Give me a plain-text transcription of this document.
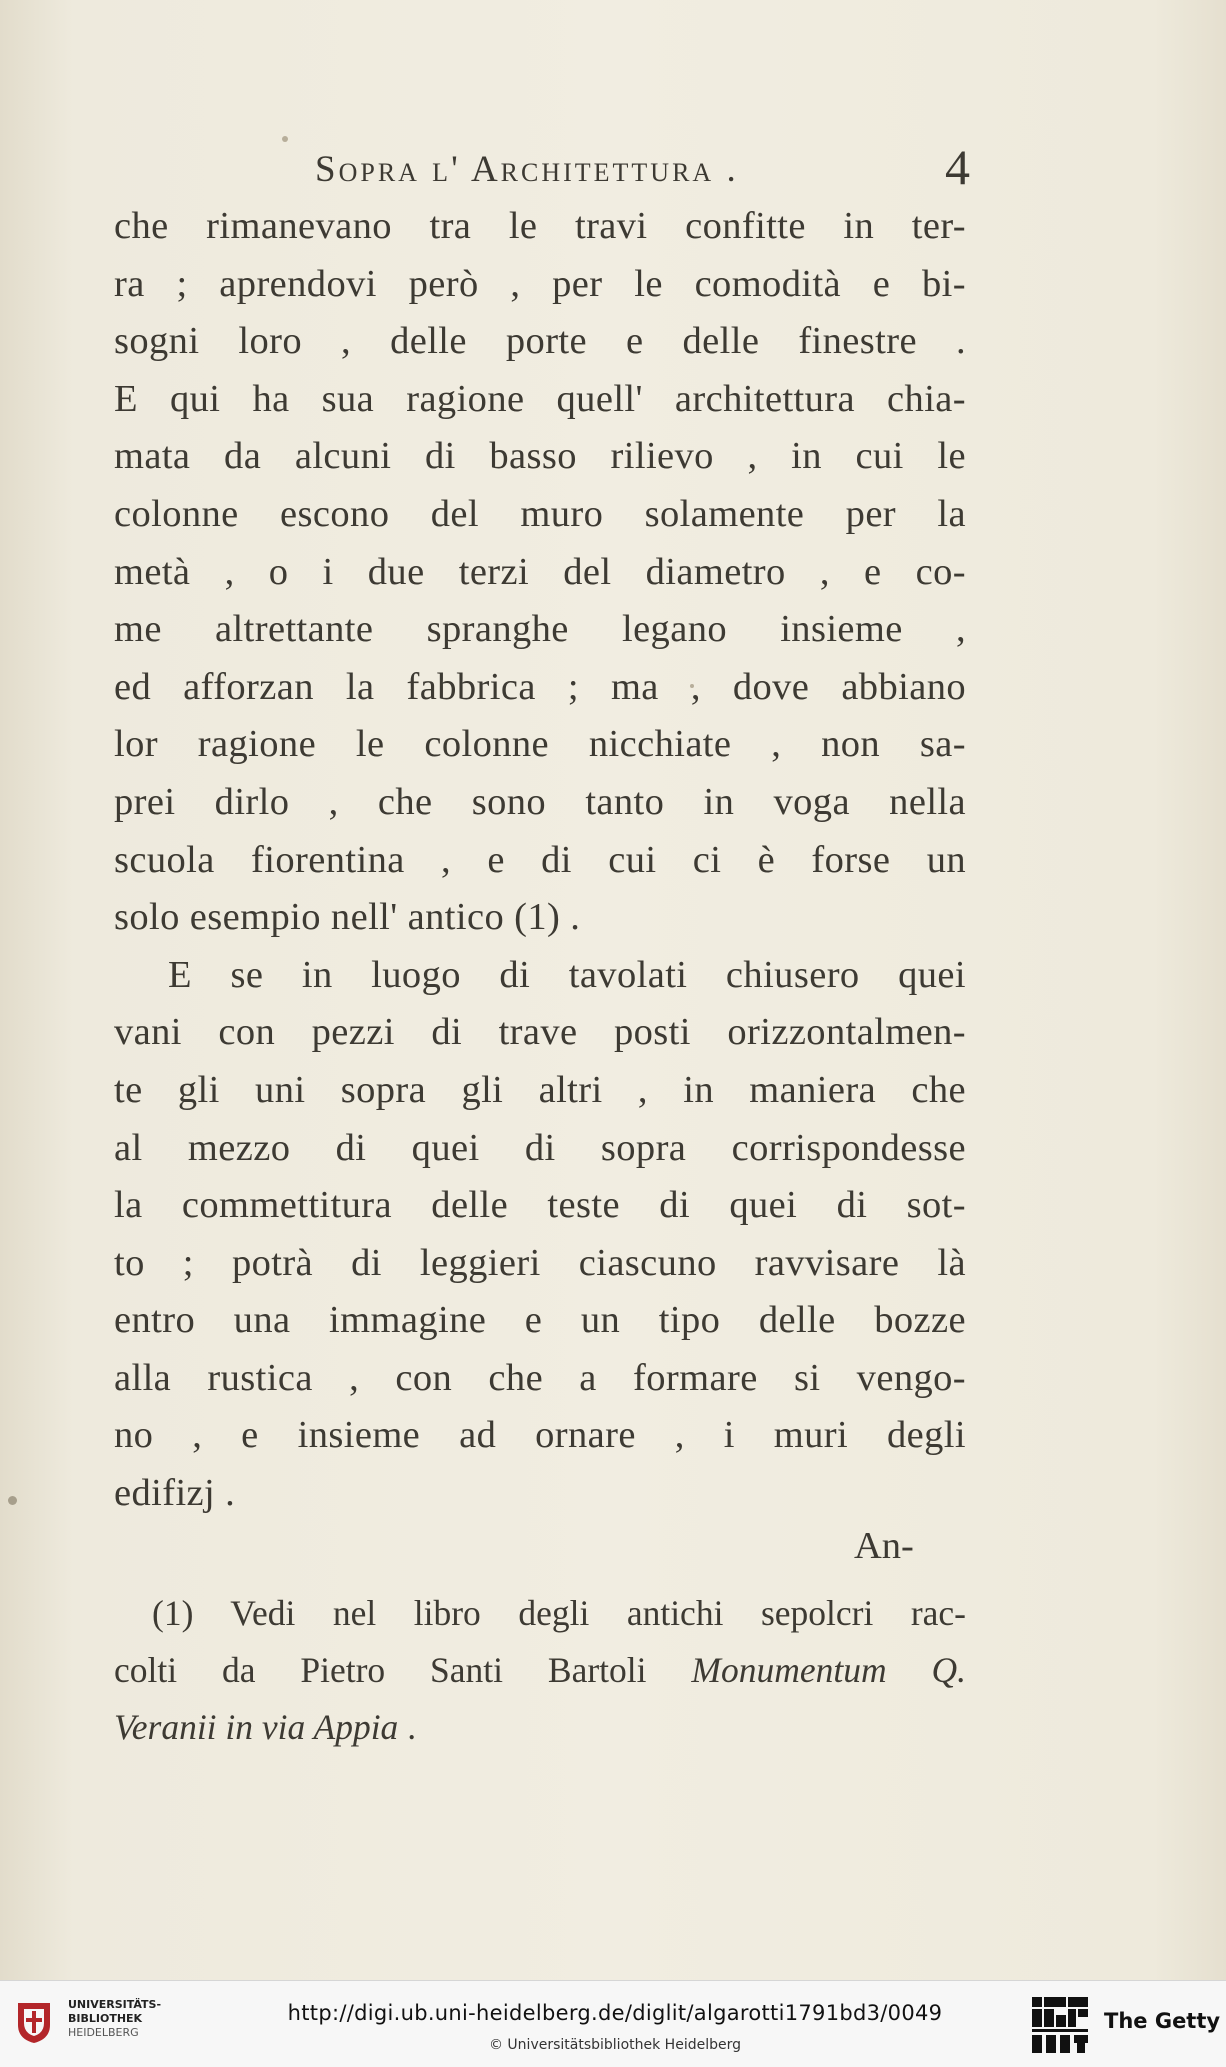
Sopra l' Architettura .	4
che rimanevano tra le travi confitte in ter-
ra ; aprendovi però , per le comodità e bi-
sogni loro , delle porte e delle finestre .
E qui ha sua ragione quell' architettura chia-
mata da alcuni di basso rilievo , in cui le
colonne escono del muro solamente per la
metà , o i due terzi del diametro , e co-
me altrettante spranghe legano insieme ,
ed afforzan la fabbrica ; ma , dove abbiano
lor ragione le colonne nicchiate , non sa-
prei dirlo , che sono tanto in voga nella
scuola fiorentina , e di cui ci è forse un
solo esempio nell' antico (1) .
E se in luogo di tavolati chiusero quei
vani con pezzi di trave posti orizzontalmen-
te gli uni sopra gli altri , in maniera che
al mezzo di quei di sopra corrispondesse
la commettitura delle teste di quei di sot-
to ; potrà di leggieri ciascuno ravvisare là
entro una immagine e un tipo delle bozze
alla rustica , con che a formare si vengo-
no , e insieme ad ornare , i muri degli
edifizj .
An-
(1) Vedi nel libro degli antichi sepolcri rac-
colti da Pietro Santi Bartoli Monumentum Q.
Veranii in via Appia .
UNIVERSITÄTS-
BIBLIOTHEK
HEIDELBERG
http://digi.ub.uni-heidelberg.de/diglit/algarotti1791bd3/0049
© Universitätsbibliothek Heidelberg
The Getty
